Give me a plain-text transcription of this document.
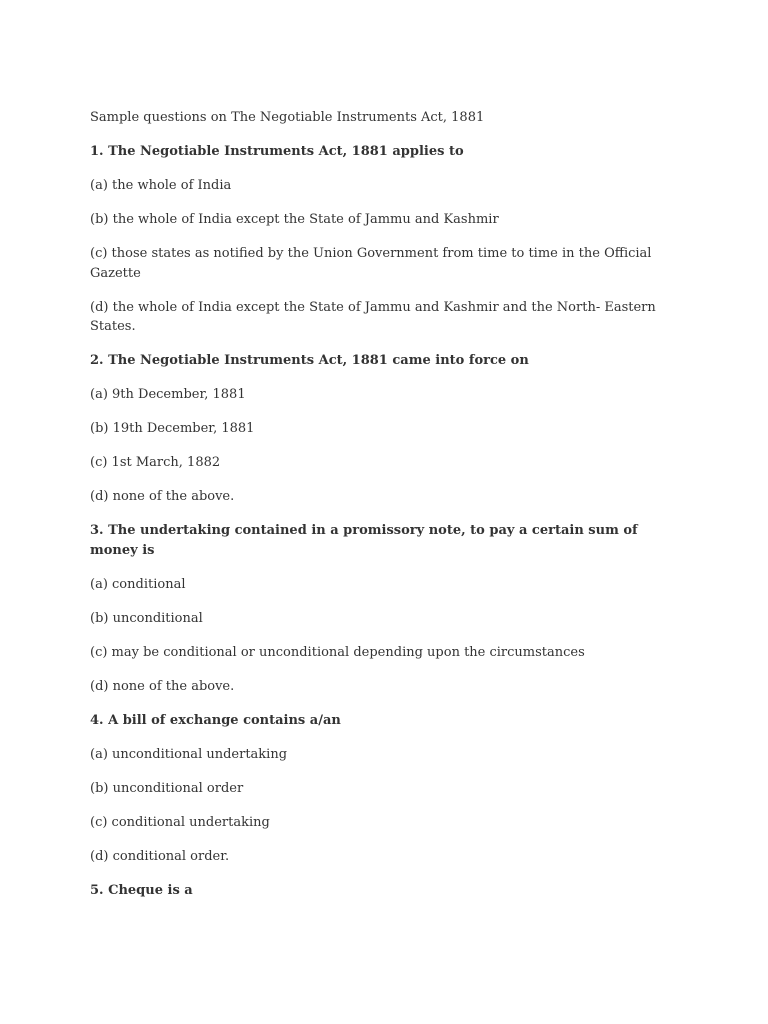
Sample questions on The Negotiable Instruments Act, 1881

1. The Negotiable Instruments Act, 1881 applies to

(a) the whole of India

(b) the whole of India except the State of Jammu and Kashmir

(c) those states as notified by the Union Government from time to time in the Official Gazette

(d) the whole of India except the State of Jammu and Kashmir and the North- Eastern States.

2. The Negotiable Instruments Act, 1881 came into force on

(a) 9th December, 1881

(b) 19th December, 1881

(c) 1st March, 1882

(d) none of the above.

3. The undertaking contained in a promissory note, to pay a certain sum of money is

(a) conditional

(b) unconditional

(c) may be conditional or unconditional depending upon the circumstances

(d) none of the above.

4. A bill of exchange contains a/an

(a) unconditional undertaking

(b) unconditional order

(c) conditional undertaking

(d) conditional order.

5. Cheque is a
